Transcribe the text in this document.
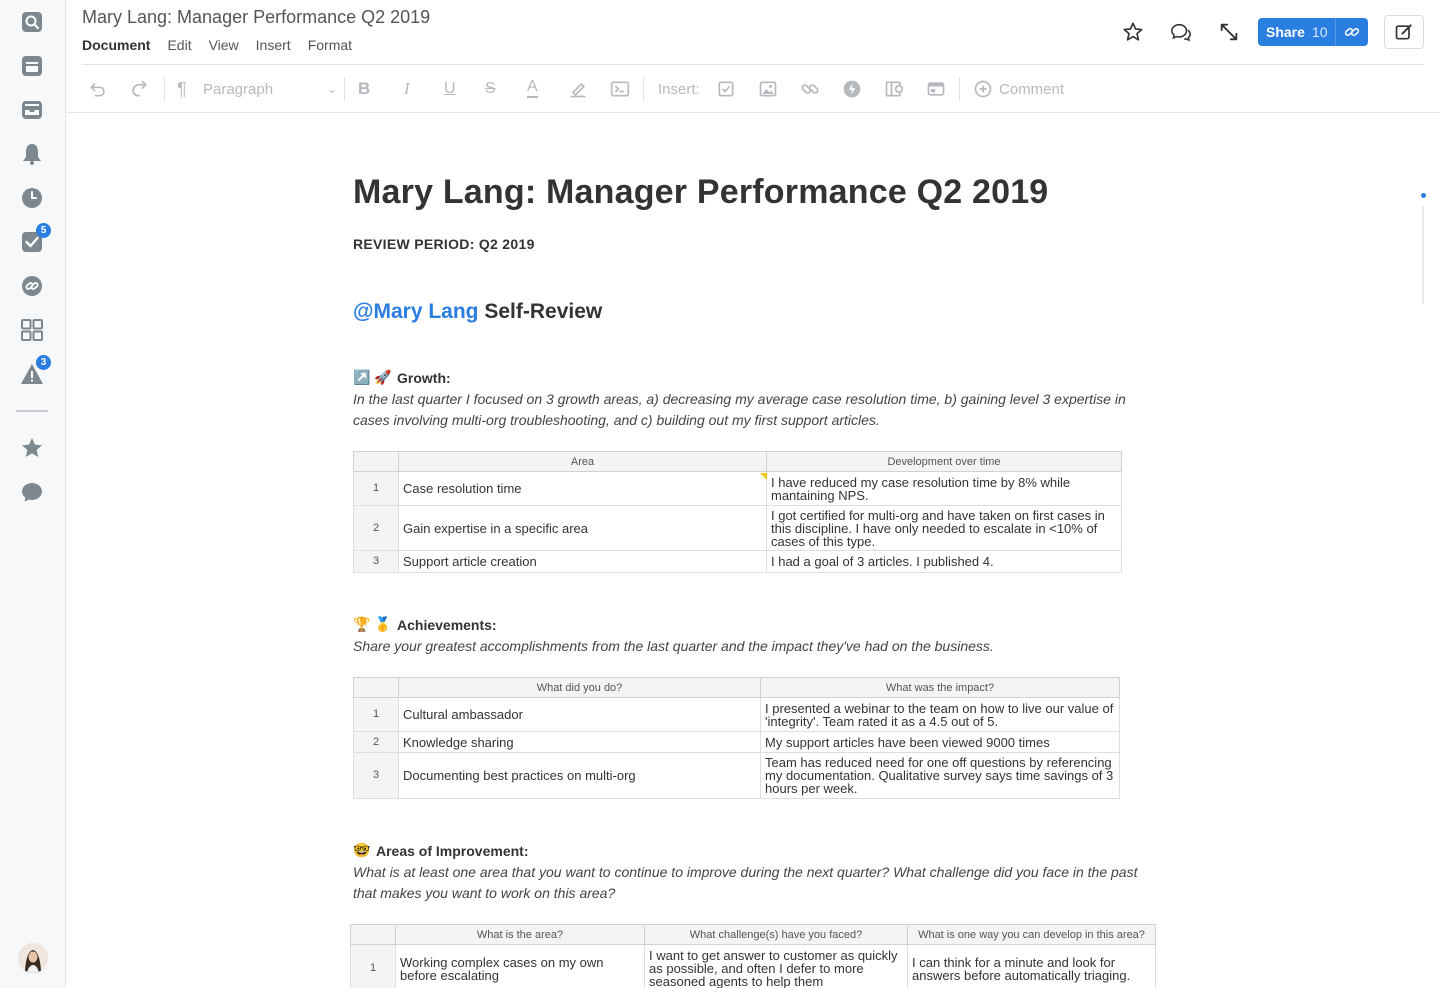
5
3
Mary Lang: Manager Performance Q2 2019
Document Edit View Insert Format
Share 10
¶	Paragraph	⌄ B I U S A	Insert:	Comment
Mary Lang: Manager Performance Q2 2019
REVIEW PERIOD: Q2 2019
@Mary Lang Self-Review
↗️ 🚀 Growth:
In the last quarter I focused on 3 growth areas, a) decreasing my average case resolution time, b) gaining level 3 expertise in cases involving multi-org troubleshooting, and c) building out my first support articles.
	Area	Development over time
1	Case resolution time	I have reduced my case resolution time by 8% while mantaining NPS.
2	Gain expertise in a specific area	I got certified for multi-org and have taken on first cases in this discipline. I have only needed to escalate in <10% of cases of this type.
3	Support article creation	I had a goal of 3 articles. I published 4.
🏆 🥇 Achievements:
Share your greatest accomplishments from the last quarter and the impact they've had on the business.
	What did you do?	What was the impact?
1	Cultural ambassador	I presented a webinar to the team on how to live our value of 'integrity'. Team rated it as a 4.5 out of 5.
2	Knowledge sharing	My support articles have been viewed 9000 times
3	Documenting best practices on multi-org	Team has reduced need for one off questions by referencing my documentation. Qualitative survey says time savings of 3 hours per week.
🤓 Areas of Improvement:
What is at least one area that you want to continue to improve during the next quarter? What challenge did you face in the past that makes you want to work on this area?
	What is the area?	What challenge(s) have you faced?	What is one way you can develop in this area?
1	Working complex cases on my own before escalating	I want to get answer to customer as quickly as possible, and often I defer to more seasoned agents to help them	I can think for a minute and look for answers before automatically triaging.
